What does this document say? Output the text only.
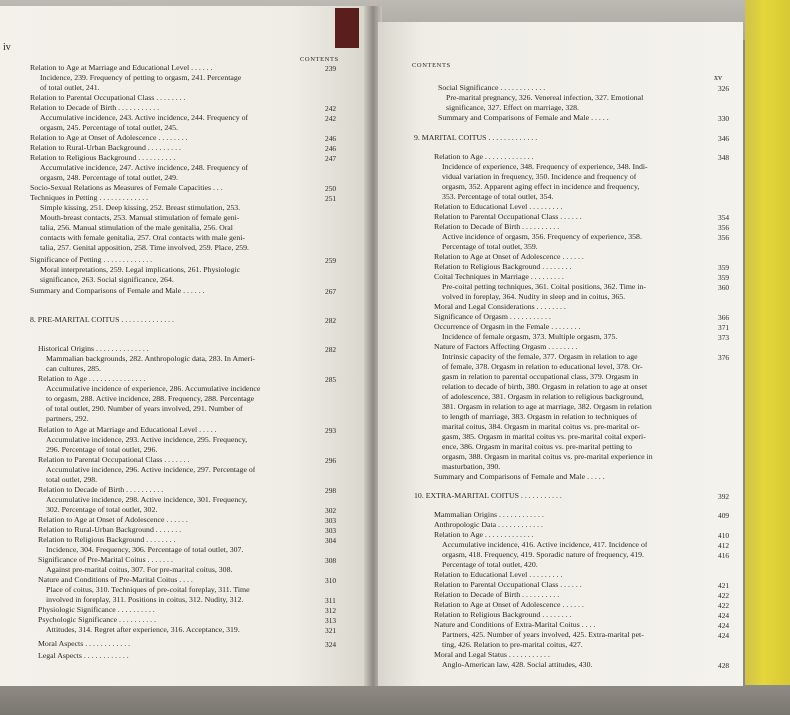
iv
CONTENTS
Relation to Age at Marriage and Educational Level . . . . . .	239
Incidence, 239. Frequency of petting to orgasm, 241. Percentage
of total outlet, 241.
Relation to Parental Occupational Class . . . . . . . .
Relation to Decade of Birth . . . . . . . . . . .	242
Accumulative incidence, 243. Active incidence, 244. Frequency of	242
orgasm, 245. Percentage of total outlet, 245.
Relation to Age at Onset of Adolescence . . . . . . . .	246
Relation to Rural-Urban Background . . . . . . . . .	246
Relation to Religious Background . . . . . . . . . .	247
Accumulative incidence, 247. Active incidence, 248. Frequency of
orgasm, 248. Percentage of total outlet, 249.
Socio-Sexual Relations as Measures of Female Capacities . . .	250
Techniques in Petting . . . . . . . . . . . . .	251
Simple kissing, 251. Deep kissing, 252. Breast stimulation, 253.
Mouth-breast contacts, 253. Manual stimulation of female geni-
talia, 256. Manual stimulation of the male genitalia, 256. Oral
contacts with female genitalia, 257. Oral contacts with male geni-
talia, 257. Genital apposition, 258. Time involved, 259. Place, 259.
Significance of Petting . . . . . . . . . . . . .	259
Moral interpretations, 259. Legal implications, 261. Physiologic
significance, 263. Social significance, 264.
Summary and Comparisons of Female and Male . . . . . .	267
8. PRE-MARITAL COITUS . . . . . . . . . . . . . .	282
Historical Origins . . . . . . . . . . . . . .	282
Mammalian backgrounds, 282. Anthropologic data, 283. In Ameri-
can cultures, 285.
Relation to Age . . . . . . . . . . . . . . .	285
Accumulative incidence of experience, 286. Accumulative incidence
to orgasm, 288. Active incidence, 288. Frequency, 288. Percentage
of total outlet, 290. Number of years involved, 291. Number of
partners, 292.
Relation to Age at Marriage and Educational Level . . . . .	293
Accumulative incidence, 293. Active incidence, 295. Frequency,
296. Percentage of total outlet, 296.
Relation to Parental Occupational Class . . . . . . .	296
Accumulative incidence, 296. Active incidence, 297. Percentage of
total outlet, 298.
Relation to Decade of Birth . . . . . . . . . .	298
Accumulative incidence, 298. Active incidence, 301. Frequency,
302. Percentage of total outlet, 302.	302
Relation to Age at Onset of Adolescence . . . . . .	303
Relation to Rural-Urban Background . . . . . . .	303
Relation to Religious Background . . . . . . . .	304
Incidence, 304. Frequency, 306. Percentage of total outlet, 307.
Significance of Pre-Marital Coitus . . . . . . .	308
Against pre-marital coitus, 307. For pre-marital coitus, 308.
Nature and Conditions of Pre-Marital Coitus . . . .	310
Place of coitus, 310. Techniques of pre-coital foreplay, 311. Time
involved in foreplay, 311. Positions in coitus, 312. Nudity, 312.	311
Physiologic Significance . . . . . . . . . .	312
Psychologic Significance . . . . . . . . . .	313
Attitudes, 314. Regret after experience, 316. Acceptance, 319.	321
Moral Aspects . . . . . . . . . . . .	324
Legal Aspects . . . . . . . . . . . .
CONTENTS
xv
Social Significance . . . . . . . . . . . .	326
Pre-marital pregnancy, 326. Venereal infection, 327. Emotional
significance, 327. Effect on marriage, 328.
Summary and Comparisons of Female and Male . . . . .	330
9. MARITAL COITUS . . . . . . . . . . . . .	346
Relation to Age . . . . . . . . . . . . .	348
Incidence of experience, 348. Frequency of experience, 348. Indi-
vidual variation in frequency, 350. Incidence and frequency of
orgasm, 352. Apparent aging effect in incidence and frequency,
353. Percentage of total outlet, 354.
Relation to Educational Level . . . . . . . . .
Relation to Parental Occupational Class . . . . . .	354
Relation to Decade of Birth . . . . . . . . . .	356
Active incidence of orgasm, 356. Frequency of experience, 358.	356
Percentage of total outlet, 359.
Relation to Age at Onset of Adolescence . . . . . .
Relation to Religious Background . . . . . . . .	359
Coital Techniques in Marriage . . . . . . . . .	359
Pre-coital petting techniques, 361. Coital positions, 362. Time in-	360
volved in foreplay, 364. Nudity in sleep and in coitus, 365.
Moral and Legal Considerations . . . . . . . .
Significance of Orgasm . . . . . . . . . . .	366
Occurrence of Orgasm in the Female . . . . . . . .	371
Incidence of female orgasm, 373. Multiple orgasm, 375.	373
Nature of Factors Affecting Orgasm . . . . . . . .
Intrinsic capacity of the female, 377. Orgasm in relation to age	376
of female, 378. Orgasm in relation to educational level, 378. Or-
gasm in relation to parental occupational class, 379. Orgasm in
relation to decade of birth, 380. Orgasm in relation to age at onset
of adolescence, 381. Orgasm in relation to religious background,
381. Orgasm in relation to age at marriage, 382. Orgasm in relation
to length of marriage, 383. Orgasm in relation to techniques of
marital coitus, 384. Orgasm in marital coitus vs. pre-marital or-
gasm, 385. Orgasm in marital coitus vs. pre-marital coital experi-
ence, 386. Orgasm in marital coitus vs. pre-marital petting to
orgasm, 388. Orgasm in marital coitus vs. pre-marital experience in
masturbation, 390.
Summary and Comparisons of Female and Male . . . . .
10. EXTRA-MARITAL COITUS . . . . . . . . . . .	392
Mammalian Origins . . . . . . . . . . . .	409
Anthropologic Data . . . . . . . . . . . .
Relation to Age . . . . . . . . . . . . .	410
Accumulative incidence, 416. Active incidence, 417. Incidence of	412
orgasm, 418. Frequency, 419. Sporadic nature of frequency, 419.	416
Percentage of total outlet, 420.
Relation to Educational Level . . . . . . . . .
Relation to Parental Occupational Class . . . . . .	421
Relation to Decade of Birth . . . . . . . . . .	422
Relation to Age at Onset of Adolescence . . . . . .	422
Relation to Religious Background . . . . . . . .	424
Nature and Conditions of Extra-Marital Coitus . . . .	424
Partners, 425. Number of years involved, 425. Extra-marital pet-	424
ting, 426. Relation to pre-marital coitus, 427.
Moral and Legal Status . . . . . . . . . . .
Anglo-American law, 428. Social attitudes, 430.	428
